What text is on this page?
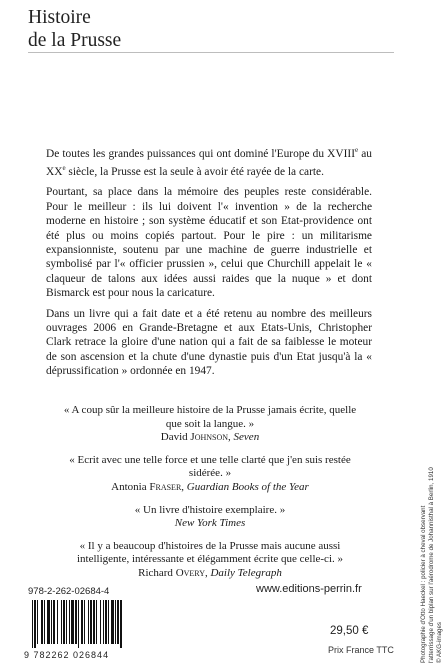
Histoire
de la Prusse

De toutes les grandes puissances qui ont dominé l'Europe du XVIIIe au XXe siècle, la Prusse est la seule à avoir été rayée de la carte.

Pourtant, sa place dans la mémoire des peuples reste considérable. Pour le meilleur : ils lui doivent l'« invention » de la recherche moderne en histoire ; son système éducatif et son Etat-providence ont été plus ou moins copiés partout. Pour le pire : un militarisme expansionniste, soutenu par une machine de guerre industrielle et symbolisé par l'« officier prussien », celui que Churchill appelait le « claqueur de talons aux idées aussi raides que la nuque » et dont Bismarck est pour nous la caricature.

Dans un livre qui a fait date et a été retenu au nombre des meilleurs ouvrages 2006 en Grande-Bretagne et aux Etats-Unis, Christopher Clark retrace la gloire d'une nation qui a fait de sa faiblesse le moteur de son ascension et la chute d'une dynastie puis d'un Etat jusqu'à la « déprussification » ordonnée en 1947.

« A coup sûr la meilleure histoire de la Prusse jamais écrite, quelle que soit la langue. »
David Johnson, Seven
« Ecrit avec une telle force et une telle clarté que j'en suis restée sidérée. »
Antonia Fraser, Guardian Books of the Year
« Un livre d'histoire exemplaire. »
New York Times
« Il y a beaucoup d'histoires de la Prusse mais aucune aussi intelligente, intéressante et élégamment écrite que celle-ci. »
Richard Overy, Daily Telegraph
978-2-262-02684-4
9 782262 026844
www.editions-perrin.fr
29,50 €
Prix France TTC	Photographie d'Otto Haeckel : policier à cheval observant l'atterrissage d'un biplan sur l'aérodrome de Johannisthal à Berlin, 1910 © AKG-images
